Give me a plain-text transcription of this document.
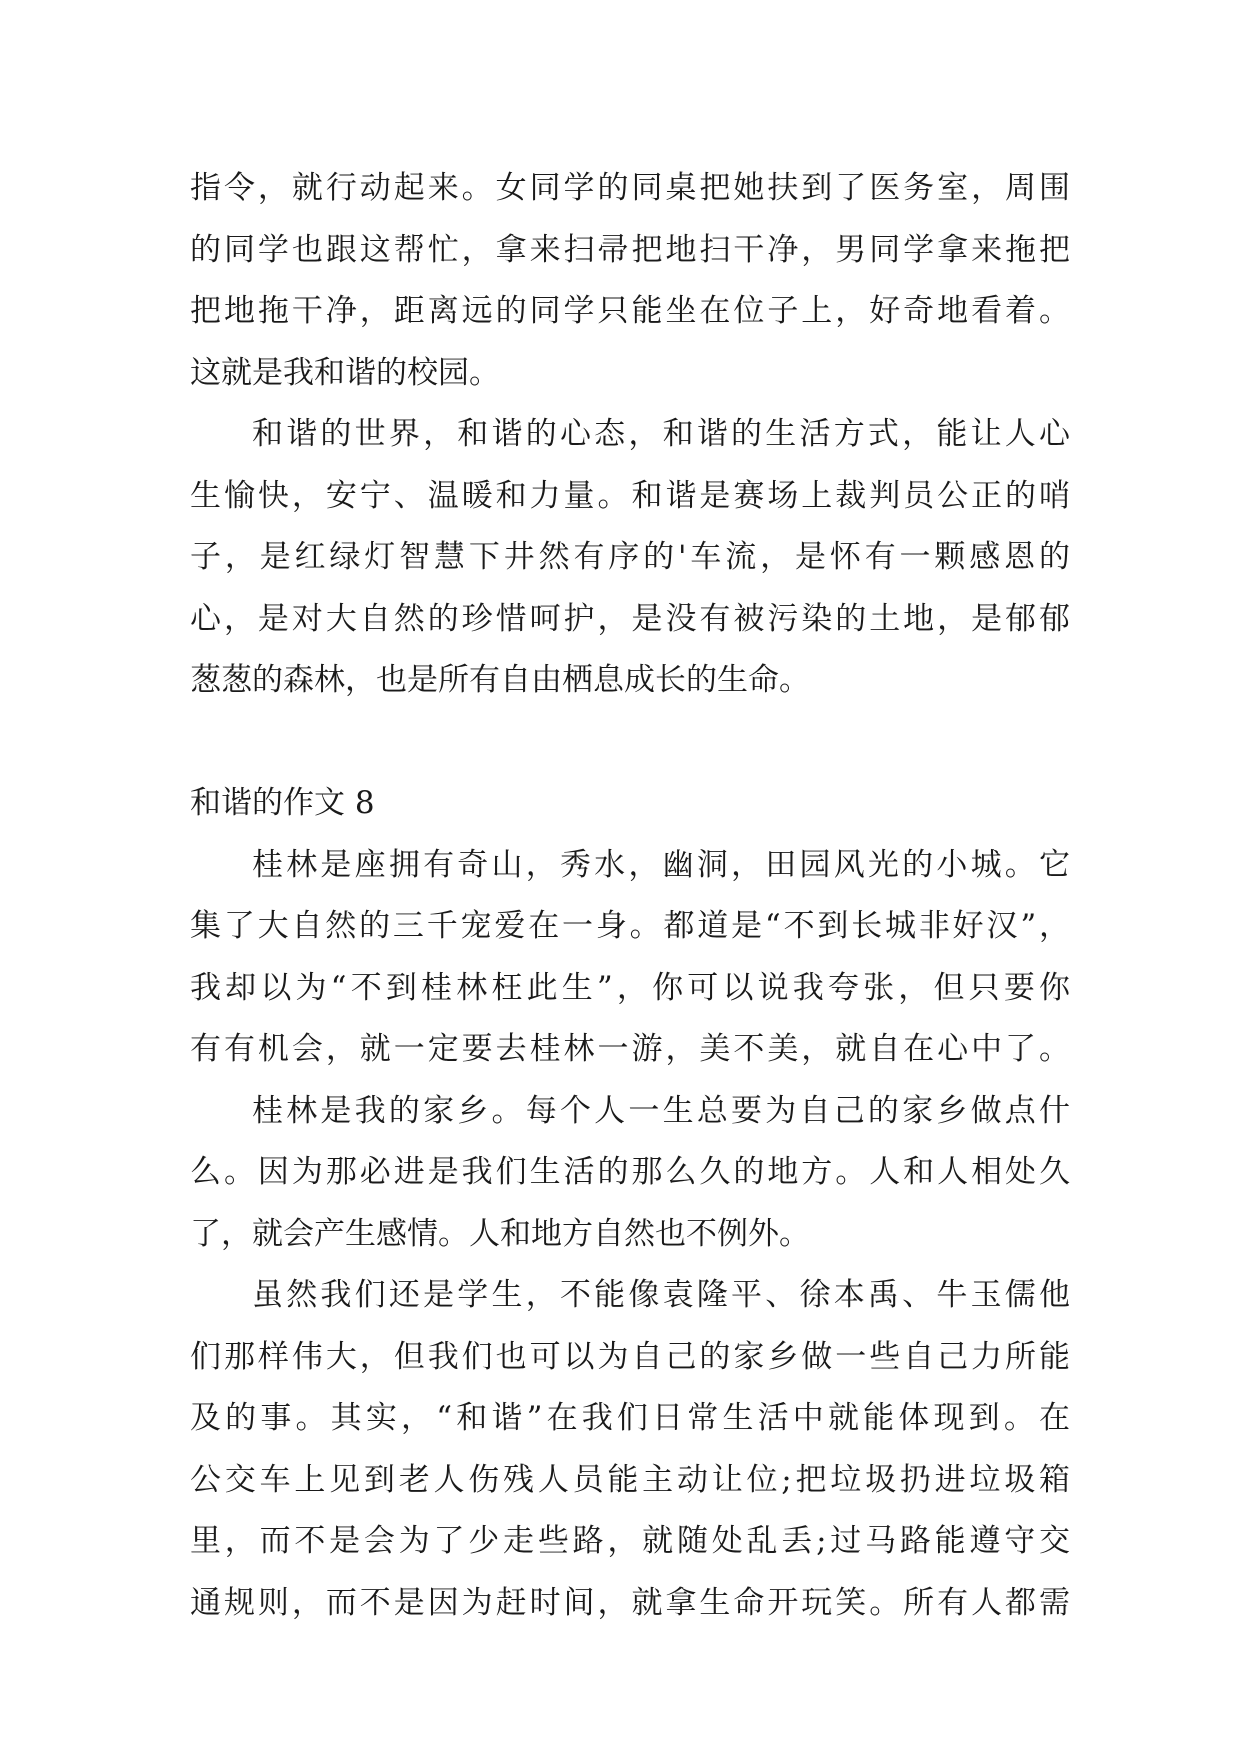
指令，就行动起来。女同学的同桌把她扶到了医务室，周围
的同学也跟这帮忙，拿来扫帚把地扫干净，男同学拿来拖把
把地拖干净，距离远的同学只能坐在位子上，好奇地看着。
这就是我和谐的校园。
和谐的世界，和谐的心态，和谐的生活方式，能让人心
生愉快，安宁、温暖和力量。和谐是赛场上裁判员公正的哨
子，是红绿灯智慧下井然有序的'车流，是怀有一颗感恩的
心，是对大自然的珍惜呵护，是没有被污染的土地，是郁郁
葱葱的森林，也是所有自由栖息成长的生命。
和谐的作文 8
桂林是座拥有奇山，秀水，幽洞，田园风光的小城。它
集了大自然的三千宠爱在一身。都道是“不到长城非好汉”，
我却以为“不到桂林枉此生”，你可以说我夸张，但只要你
有有机会，就一定要去桂林一游，美不美，就自在心中了。
桂林是我的家乡。每个人一生总要为自己的家乡做点什
么。因为那必进是我们生活的那么久的地方。人和人相处久
了，就会产生感情。人和地方自然也不例外。
虽然我们还是学生，不能像袁隆平、徐本禹、牛玉儒他
们那样伟大，但我们也可以为自己的家乡做一些自己力所能
及的事。其实，“和谐”在我们日常生活中就能体现到。在
公交车上见到老人伤残人员能主动让位;把垃圾扔进垃圾箱
里，而不是会为了少走些路，就随处乱丢;过马路能遵守交
通规则，而不是因为赶时间，就拿生命开玩笑。所有人都需
